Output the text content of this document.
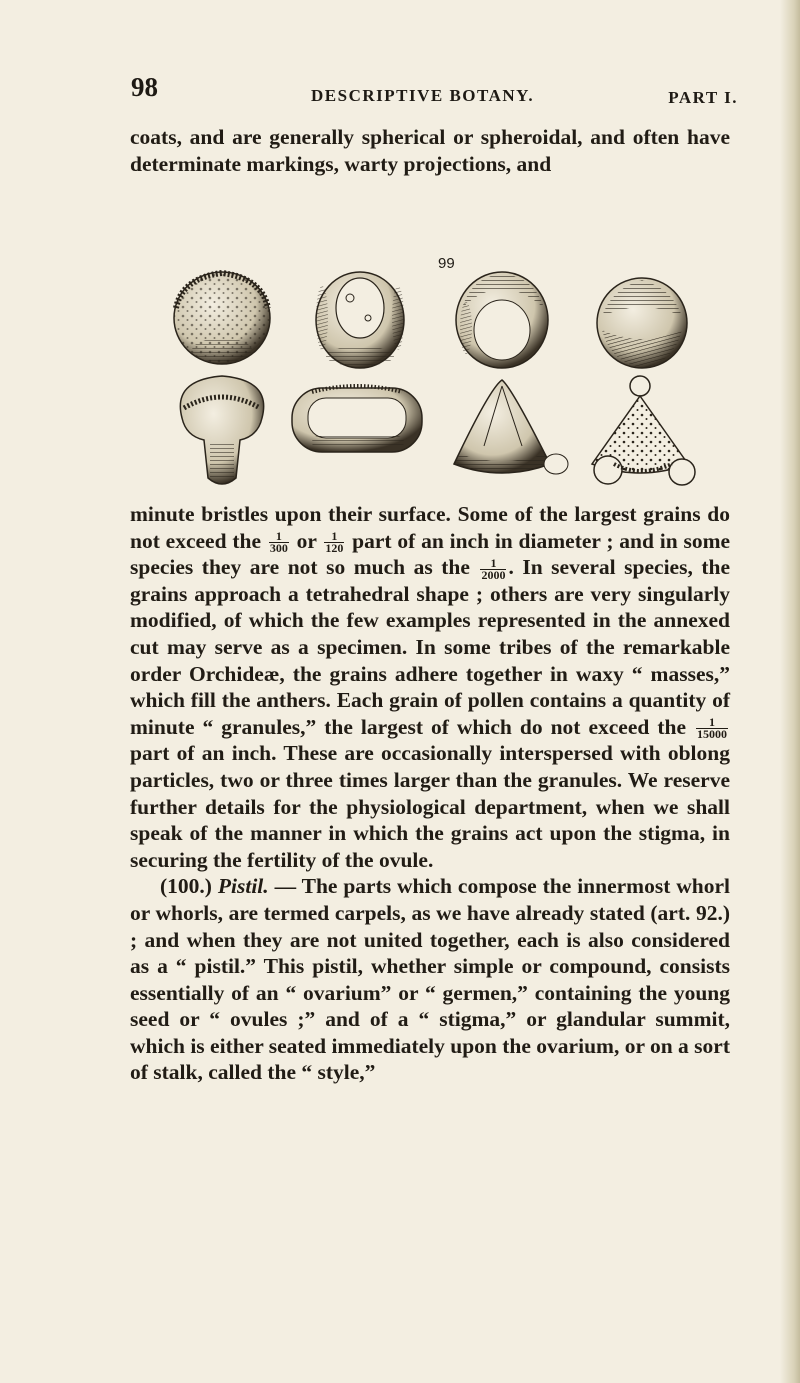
98	DESCRIPTIVE BOTANY.	PART I.

coats, and are generally spherical or spheroidal, and often have determinate markings, warty projections, and

99

minute bristles upon their surface. Some of the largest grains do not exceed the $\frac{1}{300}$ or $\frac{1}{120}$ part of an inch in diameter ; and in some species they are not so much as the $\frac{1}{2000}$ . In several species, the grains approach a tetrahedral shape ; others are very singularly modified, of which the few examples represented in the annexed cut may serve as a specimen. In some tribes of the remarkable order Orchideæ, the grains adhere together in waxy “ masses,” which fill the anthers. Each grain of pollen contains a quantity of minute “ granules,” the largest of which do not exceed the $\frac{1}{15000}$
part of an inch. These are occasionally interspersed with oblong particles, two or three times larger than the granules. We reserve further details for the physiological department, when we shall speak of the manner in which the grains act upon the stigma, in securing the fertility of the ovule.

(100.) Pistil. — The parts which compose the innermost whorl or whorls, are termed carpels, as we have already stated (art. 92.) ; and when they are not united together, each is also considered as a “ pistil.” This pistil, whether simple or compound, consists essentially of an “ ovarium” or “ germen,” containing the young seed or “ ovules ;” and of a “ stigma,” or glandular summit, which is either seated immediately upon the ovarium, or on a sort of stalk, called the “ style,”
